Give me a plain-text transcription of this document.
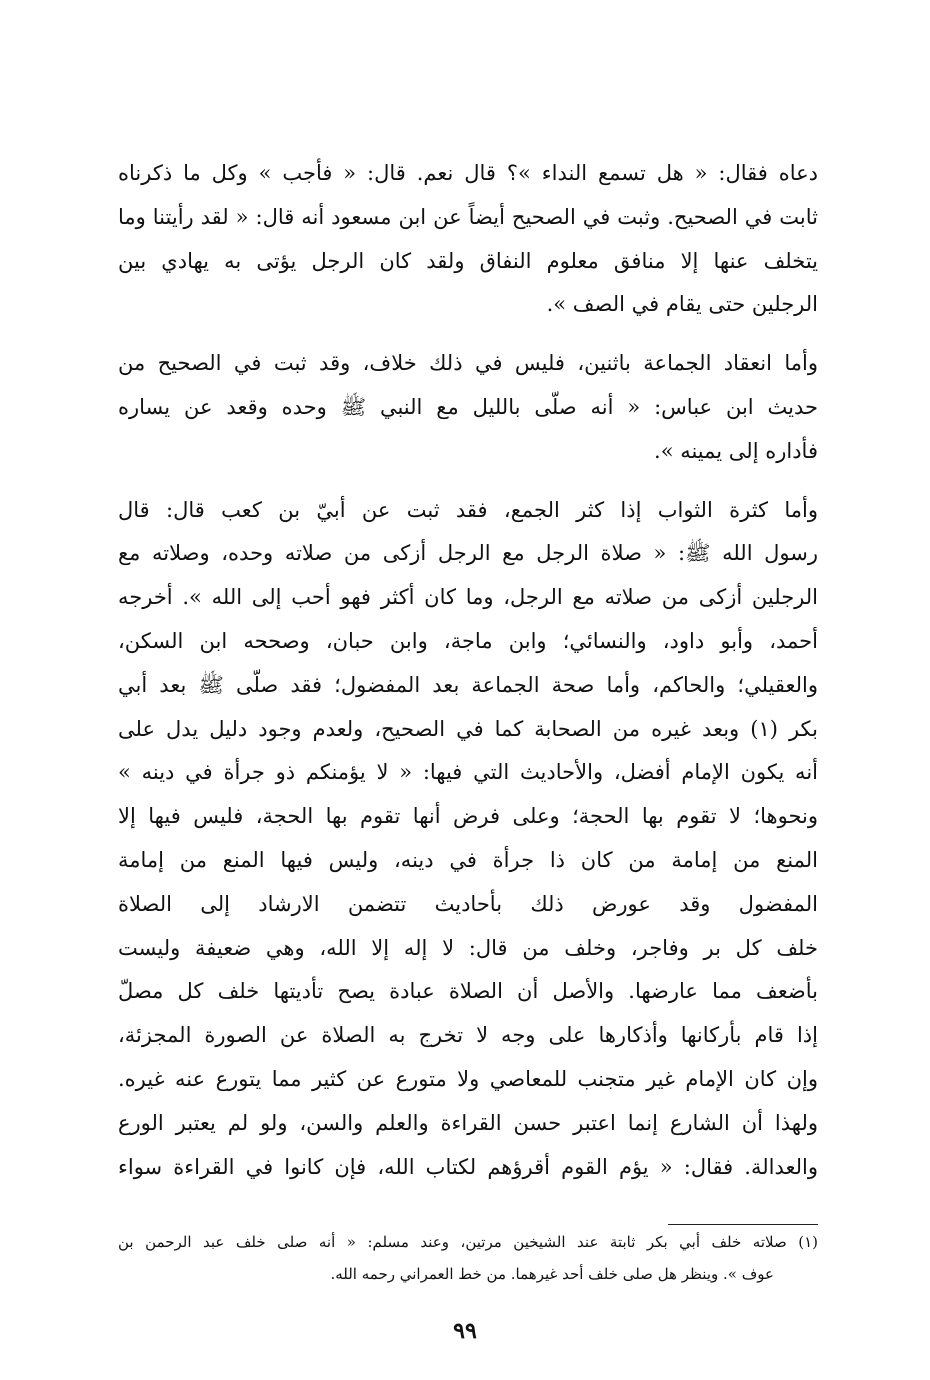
دعاه فقال: « هل تسمع النداء »؟ قال نعم. قال: « فأجب » وكل ما ذكرناه
ثابت في الصحيح. وثبت في الصحيح أيضاً عن ابن مسعود أنه قال: « لقد رأيتنا وما
يتخلف عنها إلا منافق معلوم النفاق ولقد كان الرجل يؤتى به يهادي بين
الرجلين حتى يقام في الصف ».
وأما انعقاد الجماعة باثنين، فليس في ذلك خلاف، وقد ثبت في الصحيح من
حديث ابن عباس: « أنه صلّى بالليل مع النبي ﷺ وحده وقعد عن يساره
فأداره إلى يمينه ».
وأما كثرة الثواب إذا كثر الجمع، فقد ثبت عن أبيّ بن كعب قال: قال
رسول الله ﷺ: « صلاة الرجل مع الرجل أزكى من صلاته وحده، وصلاته مع
الرجلين أزكى من صلاته مع الرجل، وما كان أكثر فهو أحب إلى الله ». أخرجه
أحمد، وأبو داود، والنسائي؛ وابن ماجة، وابن حبان، وصححه ابن السكن،
والعقيلي؛ والحاكم، وأما صحة الجماعة بعد المفضول؛ فقد صلّى ﷺ بعد أبي
بكر (١) وبعد غيره من الصحابة كما في الصحيح، ولعدم وجود دليل يدل على
أنه يكون الإمام أفضل، والأحاديث التي فيها: « لا يؤمنكم ذو جرأة في دينه »
ونحوها؛ لا تقوم بها الحجة؛ وعلى فرض أنها تقوم بها الحجة، فليس فيها إلا
المنع من إمامة من كان ذا جرأة في دينه، وليس فيها المنع من إمامة
المفضول وقد عورض ذلك بأحاديث تتضمن الارشاد إلى الصلاة
خلف كل بر وفاجر، وخلف من قال: لا إله إلا الله، وهي ضعيفة وليست
بأضعف مما عارضها. والأصل أن الصلاة عبادة يصح تأديتها خلف كل مصلّ
إذا قام بأركانها وأذكارها على وجه لا تخرج به الصلاة عن الصورة المجزئة،
وإن كان الإمام غير متجنب للمعاصي ولا متورع عن كثير مما يتورع عنه غيره.
ولهذا أن الشارع إنما اعتبر حسن القراءة والعلم والسن، ولو لم يعتبر الورع
والعدالة. فقال: « يؤم القوم أقرؤهم لكتاب الله، فإن كانوا في القراءة سواء
(١) صلاته خلف أبي بكر ثابتة عند الشيخين مرتين، وعند مسلم: « أنه صلى خلف عبد الرحمن بن
عوف ». وينظر هل صلى خلف أحد غيرهما. من خط العمراني رحمه الله.
٩٩
